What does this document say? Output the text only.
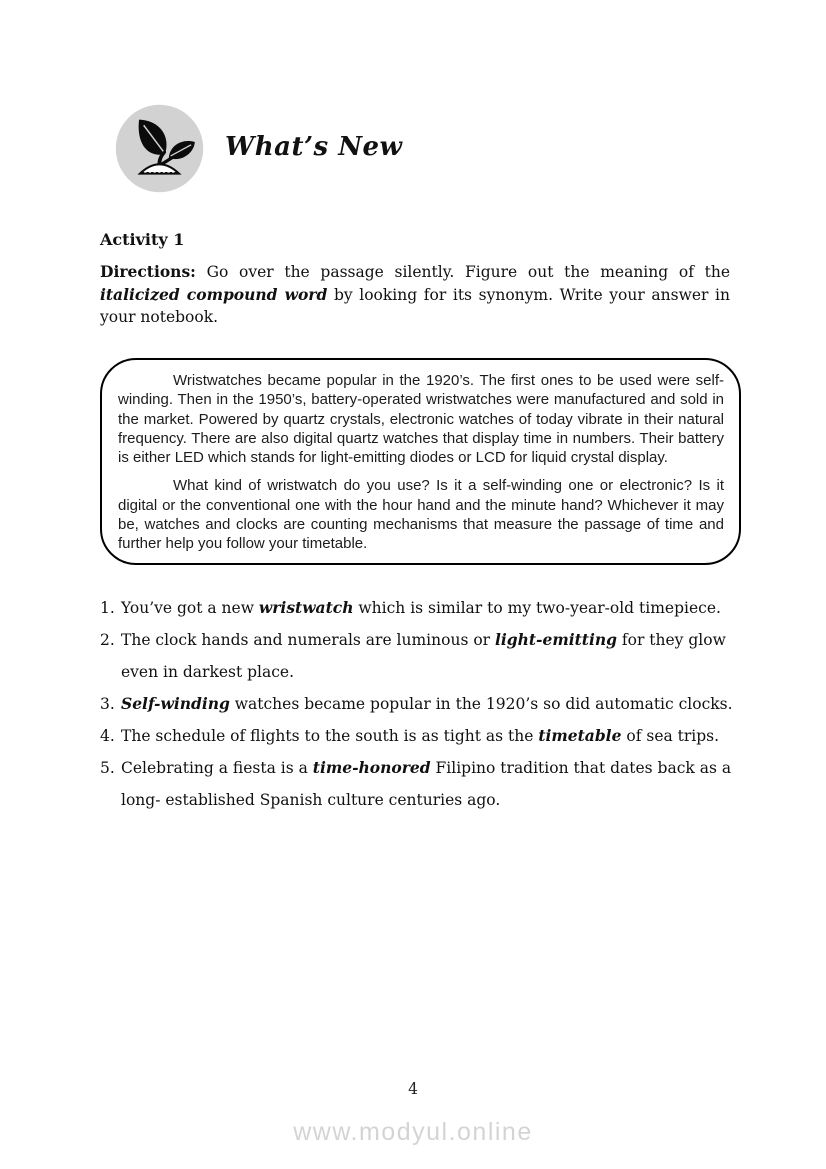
What’s New
Activity 1

Directions: Go over the passage silently. Figure out the meaning of the italicized compound word by looking for its synonym. Write your answer in your notebook.

Wristwatches became popular in the 1920’s. The first ones to be used were self-winding. Then in the 1950’s, battery-operated wristwatches were manufactured and sold in the market. Powered by quartz crystals, electronic watches of today vibrate in their natural frequency. There are also digital quartz watches that display time in numbers. Their battery is either LED which stands for light-emitting diodes or LCD for liquid crystal display.

What kind of wristwatch do you use? Is it a self-winding one or electronic? Is it digital or the conventional one with the hour hand and the minute hand? Whichever it may be, watches and clocks are counting mechanisms that measure the passage of time and further help you follow your timetable.

1. You’ve got a new wristwatch which is similar to my two-year-old timepiece.
2. The clock hands and numerals are luminous or light-emitting for they glow even in darkest place.
3. Self-winding watches became popular in the 1920’s so did automatic clocks.
4. The schedule of flights to the south is as tight as the timetable of sea trips.
5. Celebrating a fiesta is a time-honored Filipino tradition that dates back as a long- established Spanish culture centuries ago.
4
www.modyul.online
